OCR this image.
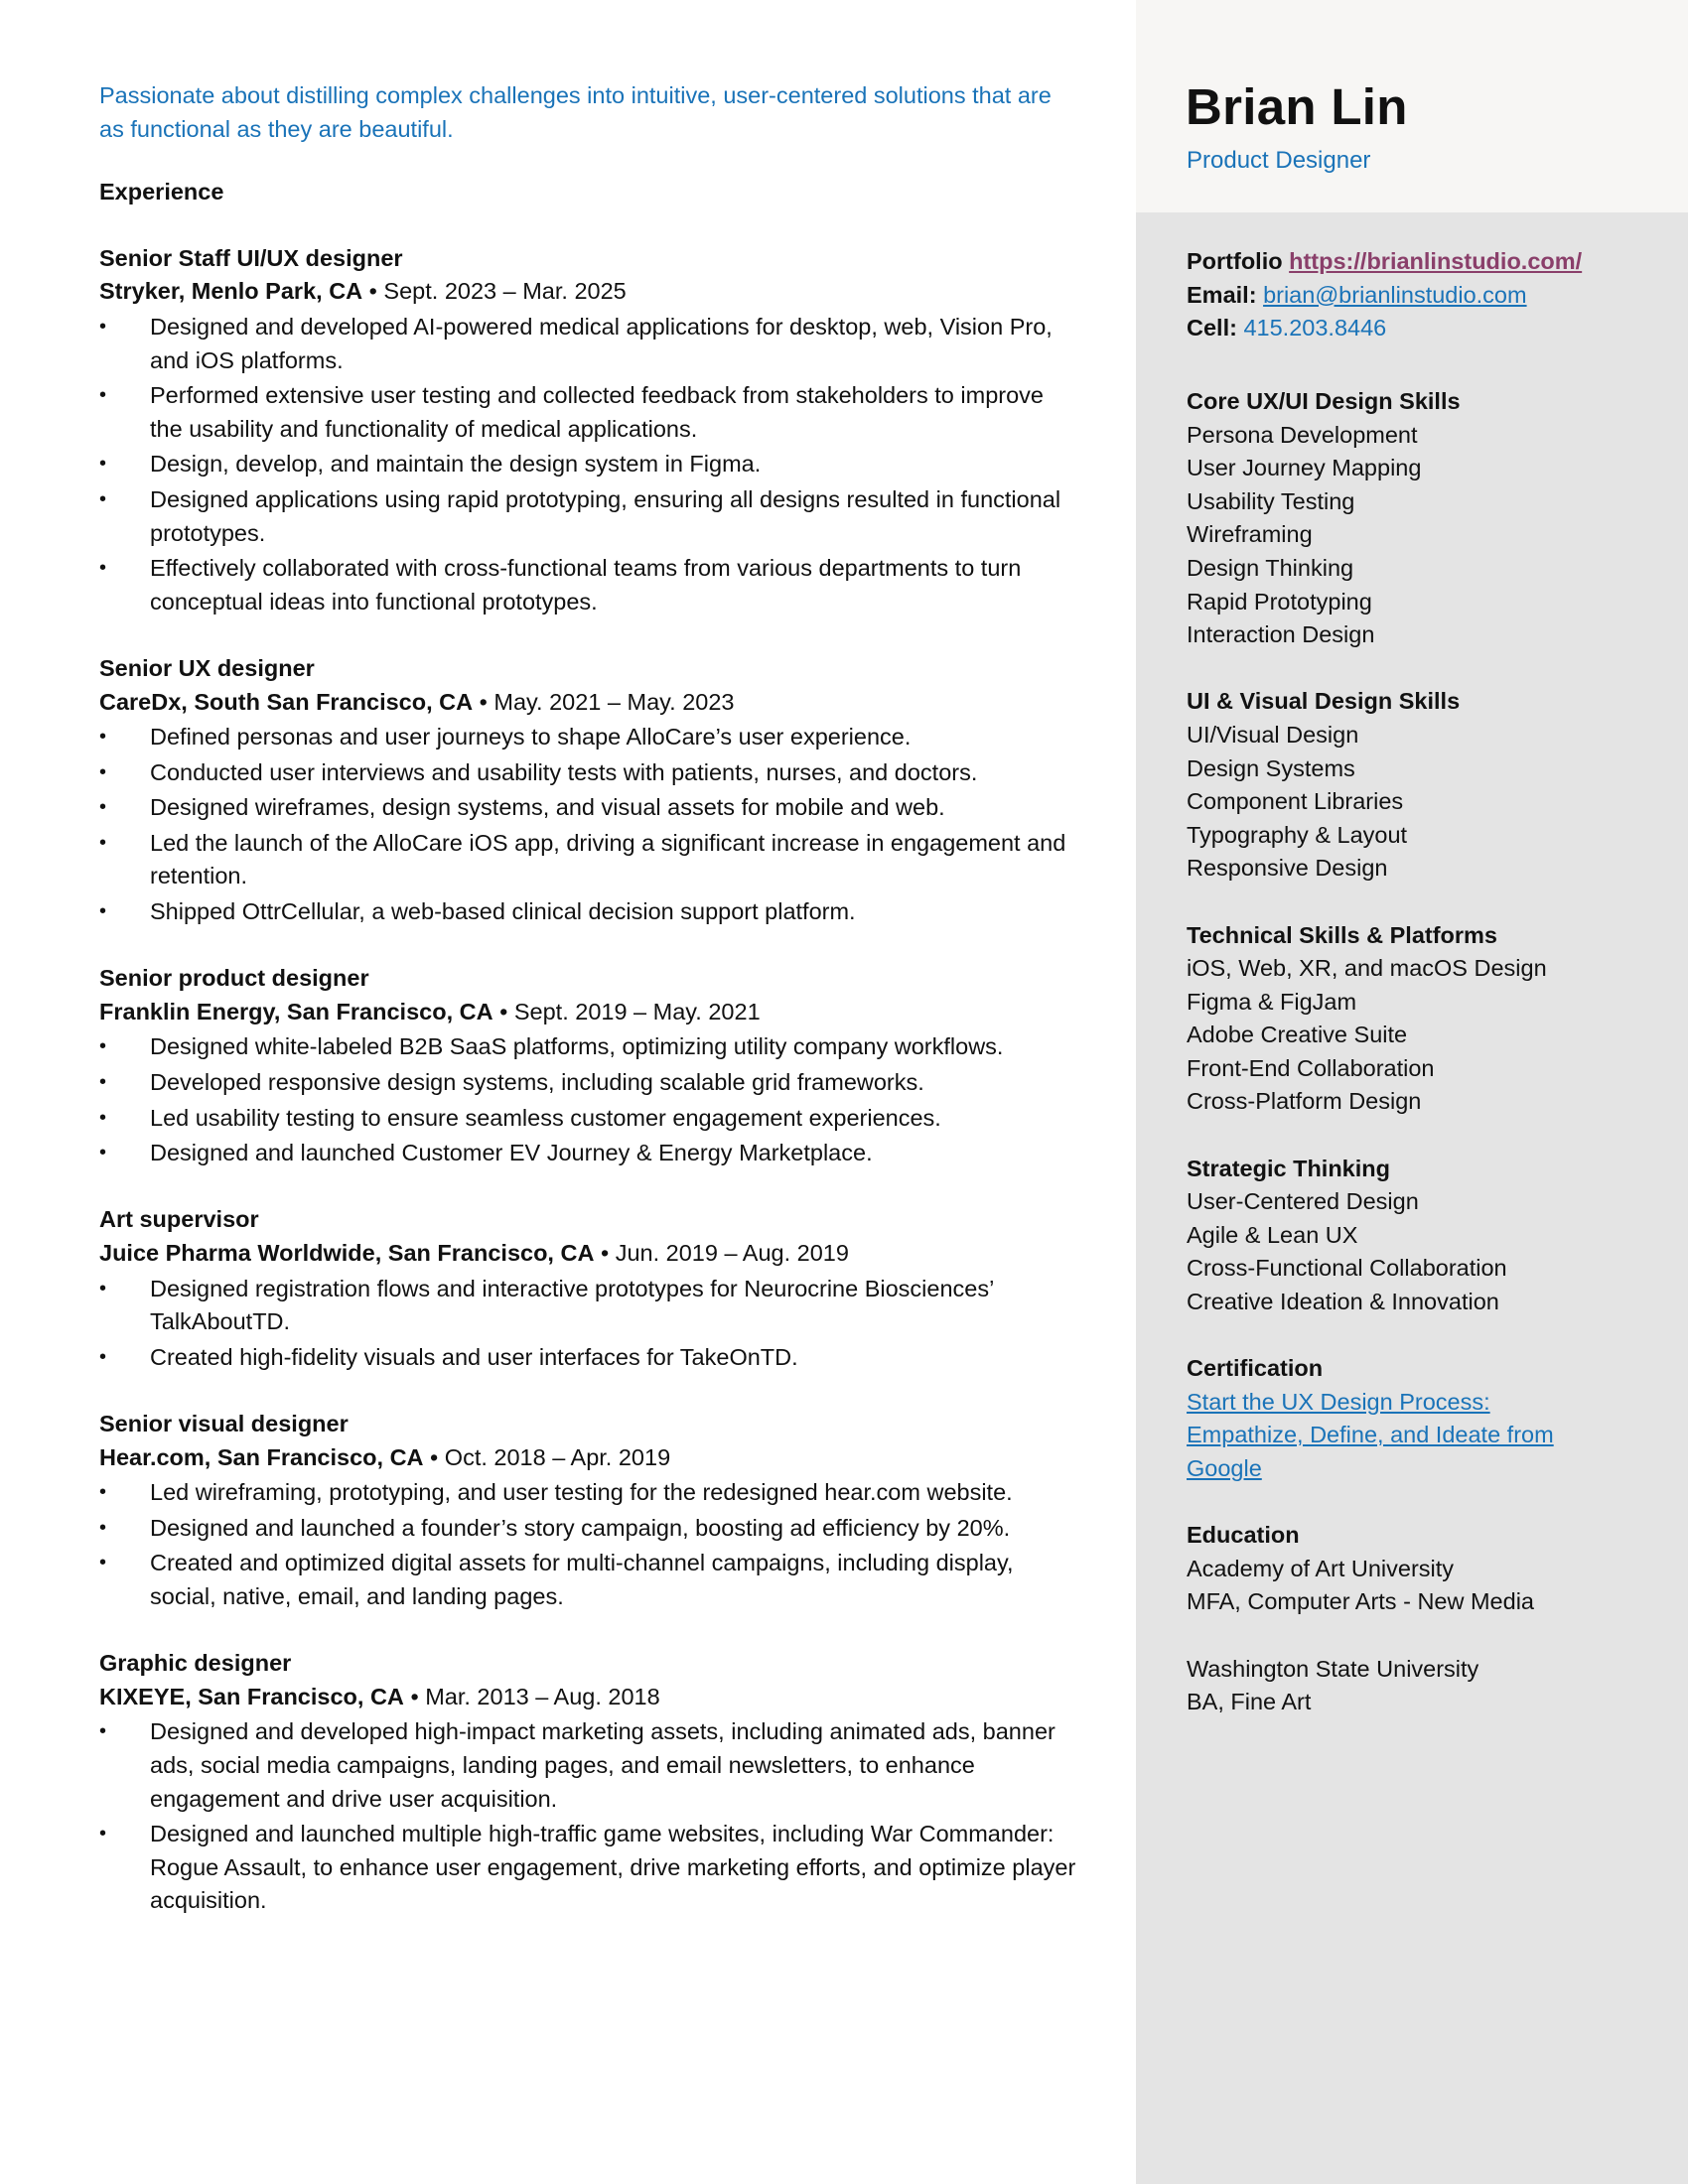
Brian Lin
Product Designer
Portfolio https://brianlinstudio.com/
Email: brian@brianlinstudio.com
Cell: 415.203.8446
Core UX/UI Design Skills
Persona Development
User Journey Mapping
Usability Testing
Wireframing
Design Thinking
Rapid Prototyping
Interaction Design
UI & Visual Design Skills
UI/Visual Design
Design Systems
Component Libraries
Typography & Layout
Responsive Design
Technical Skills & Platforms
iOS, Web, XR, and macOS Design
Figma & FigJam
Adobe Creative Suite
Front-End Collaboration
Cross-Platform Design
Strategic Thinking
User-Centered Design
Agile & Lean UX
Cross-Functional Collaboration
Creative Ideation & Innovation
Certification
Start the UX Design Process:
Empathize, Define, and Ideate from
Google
Education
Academy of Art University
MFA, Computer Arts - New Media
Washington State University
BA, Fine Art
Passionate about distilling complex challenges into intuitive, user-centered solutions that are as functional as they are beautiful.
Experience
Senior Staff UI/UX designer
Stryker, Menlo Park, CA • Sept. 2023 – Mar. 2025
• Designed and developed AI-powered medical applications for desktop, web, Vision Pro, and iOS platforms.
• Performed extensive user testing and collected feedback from stakeholders to improve the usability and functionality of medical applications.
• Design, develop, and maintain the design system in Figma.
• Designed applications using rapid prototyping, ensuring all designs resulted in functional prototypes.
• Effectively collaborated with cross-functional teams from various departments to turn conceptual ideas into functional prototypes.
Senior UX designer
CareDx, South San Francisco, CA • May. 2021 – May. 2023
• Defined personas and user journeys to shape AlloCare’s user experience.
• Conducted user interviews and usability tests with patients, nurses, and doctors.
• Designed wireframes, design systems, and visual assets for mobile and web.
• Led the launch of the AlloCare iOS app, driving a significant increase in engagement and retention.
• Shipped OttrCellular, a web-based clinical decision support platform.
Senior product designer
Franklin Energy, San Francisco, CA • Sept. 2019 – May. 2021
• Designed white-labeled B2B SaaS platforms, optimizing utility company workflows.
• Developed responsive design systems, including scalable grid frameworks.
• Led usability testing to ensure seamless customer engagement experiences.
• Designed and launched Customer EV Journey & Energy Marketplace.
Art supervisor
Juice Pharma Worldwide, San Francisco, CA • Jun. 2019 – Aug. 2019
• Designed registration flows and interactive prototypes for Neurocrine Biosciences’ TalkAboutTD.
• Created high-fidelity visuals and user interfaces for TakeOnTD.
Senior visual designer
Hear.com, San Francisco, CA • Oct. 2018 – Apr. 2019
• Led wireframing, prototyping, and user testing for the redesigned hear.com website.
• Designed and launched a founder’s story campaign, boosting ad efficiency by 20%.
• Created and optimized digital assets for multi-channel campaigns, including display, social, native, email, and landing pages.
Graphic designer
KIXEYE, San Francisco, CA • Mar. 2013 – Aug. 2018
• Designed and developed high-impact marketing assets, including animated ads, banner ads, social media campaigns, landing pages, and email newsletters, to enhance engagement and drive user acquisition.
• Designed and launched multiple high-traffic game websites, including War Commander: Rogue Assault, to enhance user engagement, drive marketing efforts, and optimize player acquisition.
